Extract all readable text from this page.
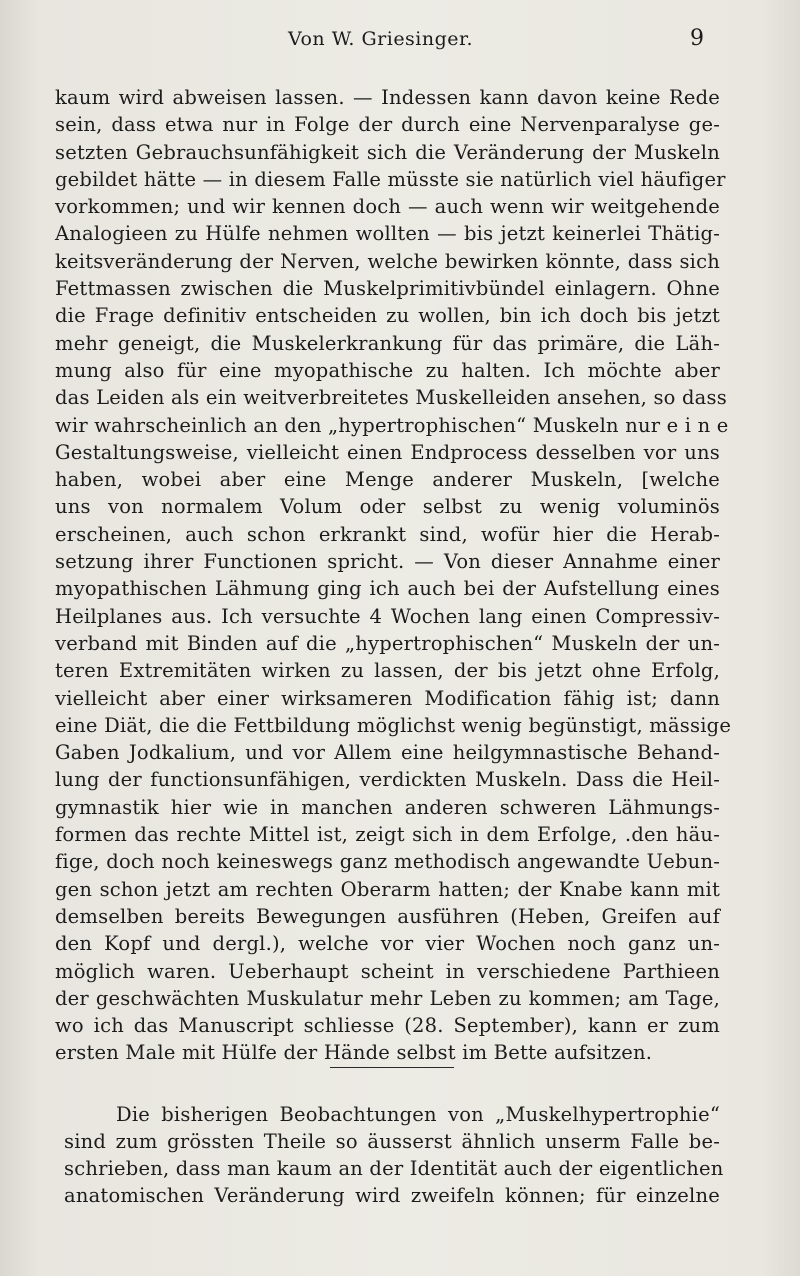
Von W. Griesinger.	9
kaum wird abweisen lassen. — Indessen kann davon keine Rede
sein, dass etwa nur in Folge der durch eine Nervenparalyse ge-
setzten Gebrauchsunfähigkeit sich die Veränderung der Muskeln
gebildet hätte — in diesem Falle müsste sie natürlich viel häufiger
vorkommen; und wir kennen doch — auch wenn wir weitgehende
Analogieen zu Hülfe nehmen wollten — bis jetzt keinerlei Thätig-
keitsveränderung der Nerven, welche bewirken könnte, dass sich
Fettmassen zwischen die Muskelprimitivbündel einlagern. Ohne
die Frage definitiv entscheiden zu wollen, bin ich doch bis jetzt
mehr geneigt, die Muskelerkrankung für das primäre, die Läh-
mung also für eine myopathische zu halten. Ich möchte aber
das Leiden als ein weitverbreitetes Muskelleiden ansehen, so dass
wir wahrscheinlich an den „hypertrophischen“ Muskeln nur e i n e
Gestaltungsweise, vielleicht einen Endprocess desselben vor uns
haben, wobei aber eine Menge anderer Muskeln, [welche
uns von normalem Volum oder selbst zu wenig voluminös
erscheinen, auch schon erkrankt sind, wofür hier die Herab-
setzung ihrer Functionen spricht. — Von dieser Annahme einer
myopathischen Lähmung ging ich auch bei der Aufstellung eines
Heilplanes aus. Ich versuchte 4 Wochen lang einen Compressiv-
verband mit Binden auf die „hypertrophischen“ Muskeln der un-
teren Extremitäten wirken zu lassen, der bis jetzt ohne Erfolg,
vielleicht aber einer wirksameren Modification fähig ist; dann
eine Diät, die die Fettbildung möglichst wenig begünstigt, mässige
Gaben Jodkalium, und vor Allem eine heilgymnastische Behand-
lung der functionsunfähigen, verdickten Muskeln. Dass die Heil-
gymnastik hier wie in manchen anderen schweren Lähmungs-
formen das rechte Mittel ist, zeigt sich in dem Erfolge, .den häu-
fige, doch noch keineswegs ganz methodisch angewandte Uebun-
gen schon jetzt am rechten Oberarm hatten; der Knabe kann mit
demselben bereits Bewegungen ausführen (Heben, Greifen auf
den Kopf und dergl.), welche vor vier Wochen noch ganz un-
möglich waren. Ueberhaupt scheint in verschiedene Parthieen
der geschwächten Muskulatur mehr Leben zu kommen; am Tage,
wo ich das Manuscript schliesse (28. September), kann er zum
ersten Male mit Hülfe der Hände selbst im Bette aufsitzen.
Die bisherigen Beobachtungen von „Muskelhypertrophie“
sind zum grössten Theile so äusserst ähnlich unserm Falle be-
schrieben, dass man kaum an der Identität auch der eigentlichen
anatomischen Veränderung wird zweifeln können; für einzelne
